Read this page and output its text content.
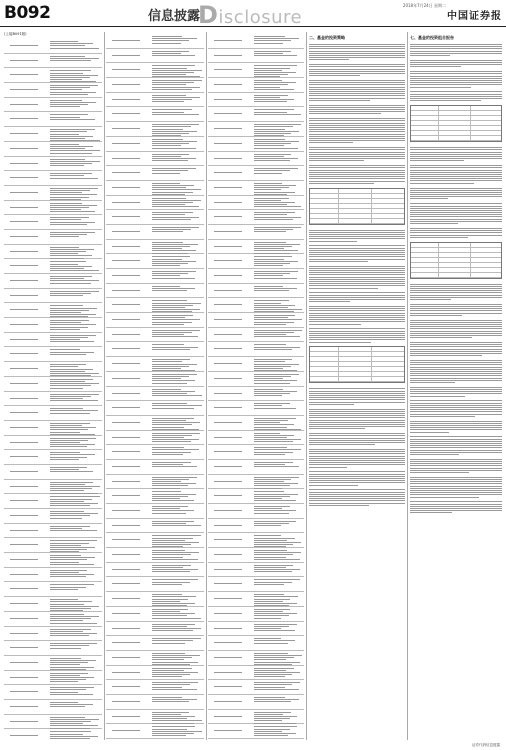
B092	信息披露
Disclosure
2018年7月24日 星期二
中国证券报
(上接B091版)
二、基金的投资策略	七、基金的投资组合报告
证券代码信息披露
